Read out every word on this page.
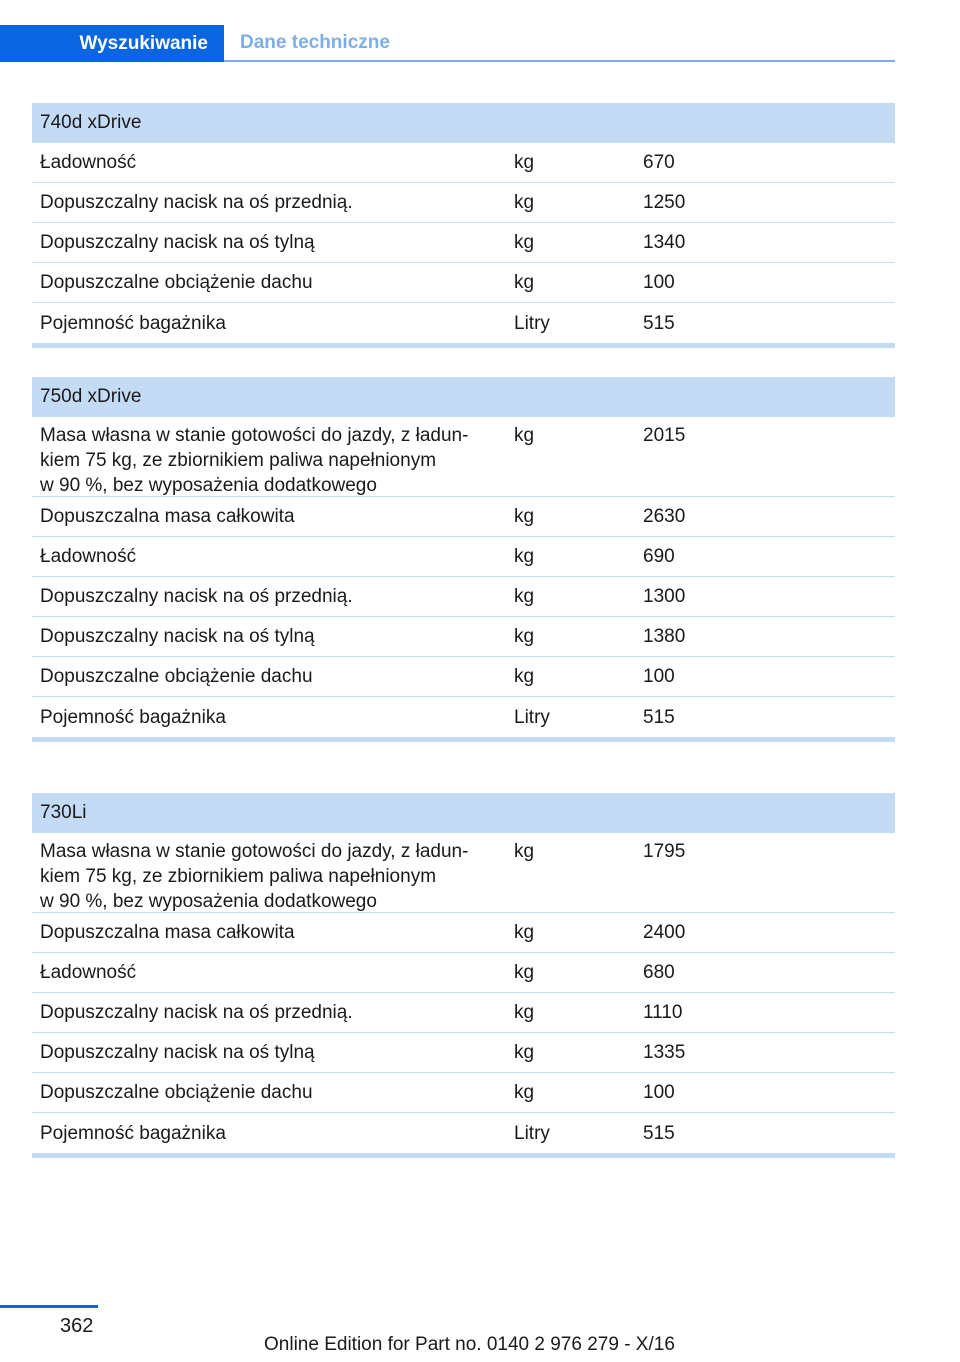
Wyszukiwanie	Dane techniczne
740d xDrive
Ładowność	kg	670
Dopuszczalny nacisk na oś przednią.	kg	1250
Dopuszczalny nacisk na oś tylną	kg	1340
Dopuszczalne obciążenie dachu	kg	100
Pojemność bagażnika	Litry	515
750d xDrive
Masa własna w stanie gotowości do jazdy, z ładun-
kiem 75 kg, ze zbiornikiem paliwa napełnionym
w 90 %, bez wyposażenia dodatkowego
kg	2015
Dopuszczalna masa całkowita	kg	2630
Ładowność	kg	690
Dopuszczalny nacisk na oś przednią.	kg	1300
Dopuszczalny nacisk na oś tylną	kg	1380
Dopuszczalne obciążenie dachu	kg	100
Pojemność bagażnika	Litry	515
730Li
Masa własna w stanie gotowości do jazdy, z ładun-
kiem 75 kg, ze zbiornikiem paliwa napełnionym
w 90 %, bez wyposażenia dodatkowego
kg	1795
Dopuszczalna masa całkowita	kg	2400
Ładowność	kg	680
Dopuszczalny nacisk na oś przednią.	kg	1110
Dopuszczalny nacisk na oś tylną	kg	1335
Dopuszczalne obciążenie dachu	kg	100
Pojemność bagażnika	Litry	515
362
Online Edition for Part no. 0140 2 976 279 - X/16
